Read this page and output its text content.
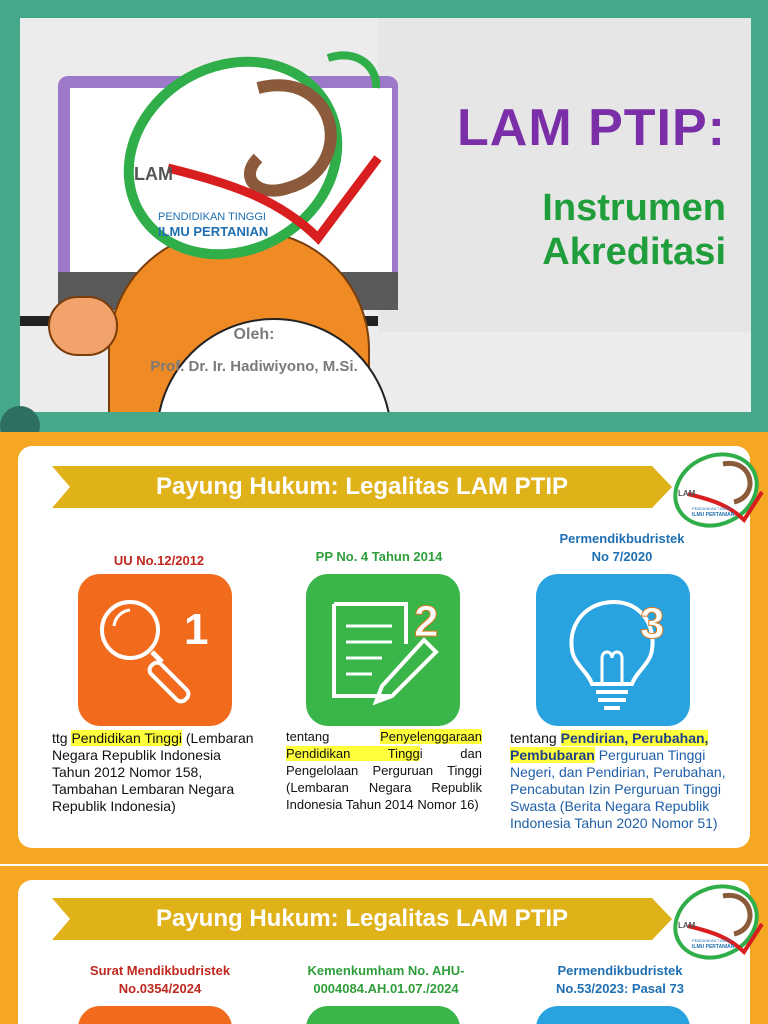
LAM
PENDIDIKAN TINGGI
ILMU PERTANIAN
Oleh:
Prof. Dr. Ir. Hadiwiyono, M.Si.
LAM PTIP:
Instrumen
Akreditasi
Payung Hukum: Legalitas LAM PTIP	LAM
PENDIDIKAN TINGGI
ILMU PERTANIAN
UU No.12/2012
1
ttg Pendidikan Tinggi (Lembaran Negara Republik Indonesia Tahun 2012 Nomor 158, Tambahan Lembaran Negara Republik Indonesia)
PP No. 4 Tahun 2014
2
tentang Penyelenggaraan Pendidikan Tinggi dan Pengelolaan Perguruan Tinggi (Lembaran Negara Republik Indonesia Tahun 2014 Nomor 16)
Permendikbudristek
No 7/2020
3
tentang Pendirian, Perubahan, Pembubaran Perguruan Tinggi Negeri, dan Pendirian, Perubahan, Pencabutan Izin Perguruan Tinggi Swasta (Berita Negara Republik Indonesia Tahun 2020 Nomor 51)
Payung Hukum: Legalitas LAM PTIP	LAM
PENDIDIKAN TINGGI
ILMU PERTANIAN
Surat Mendikbudristek
No.0354/2024
Kemenkumham No. AHU-
0004084.AH.01.07./2024
Permendikbudristek
No.53/2023: Pasal 73
